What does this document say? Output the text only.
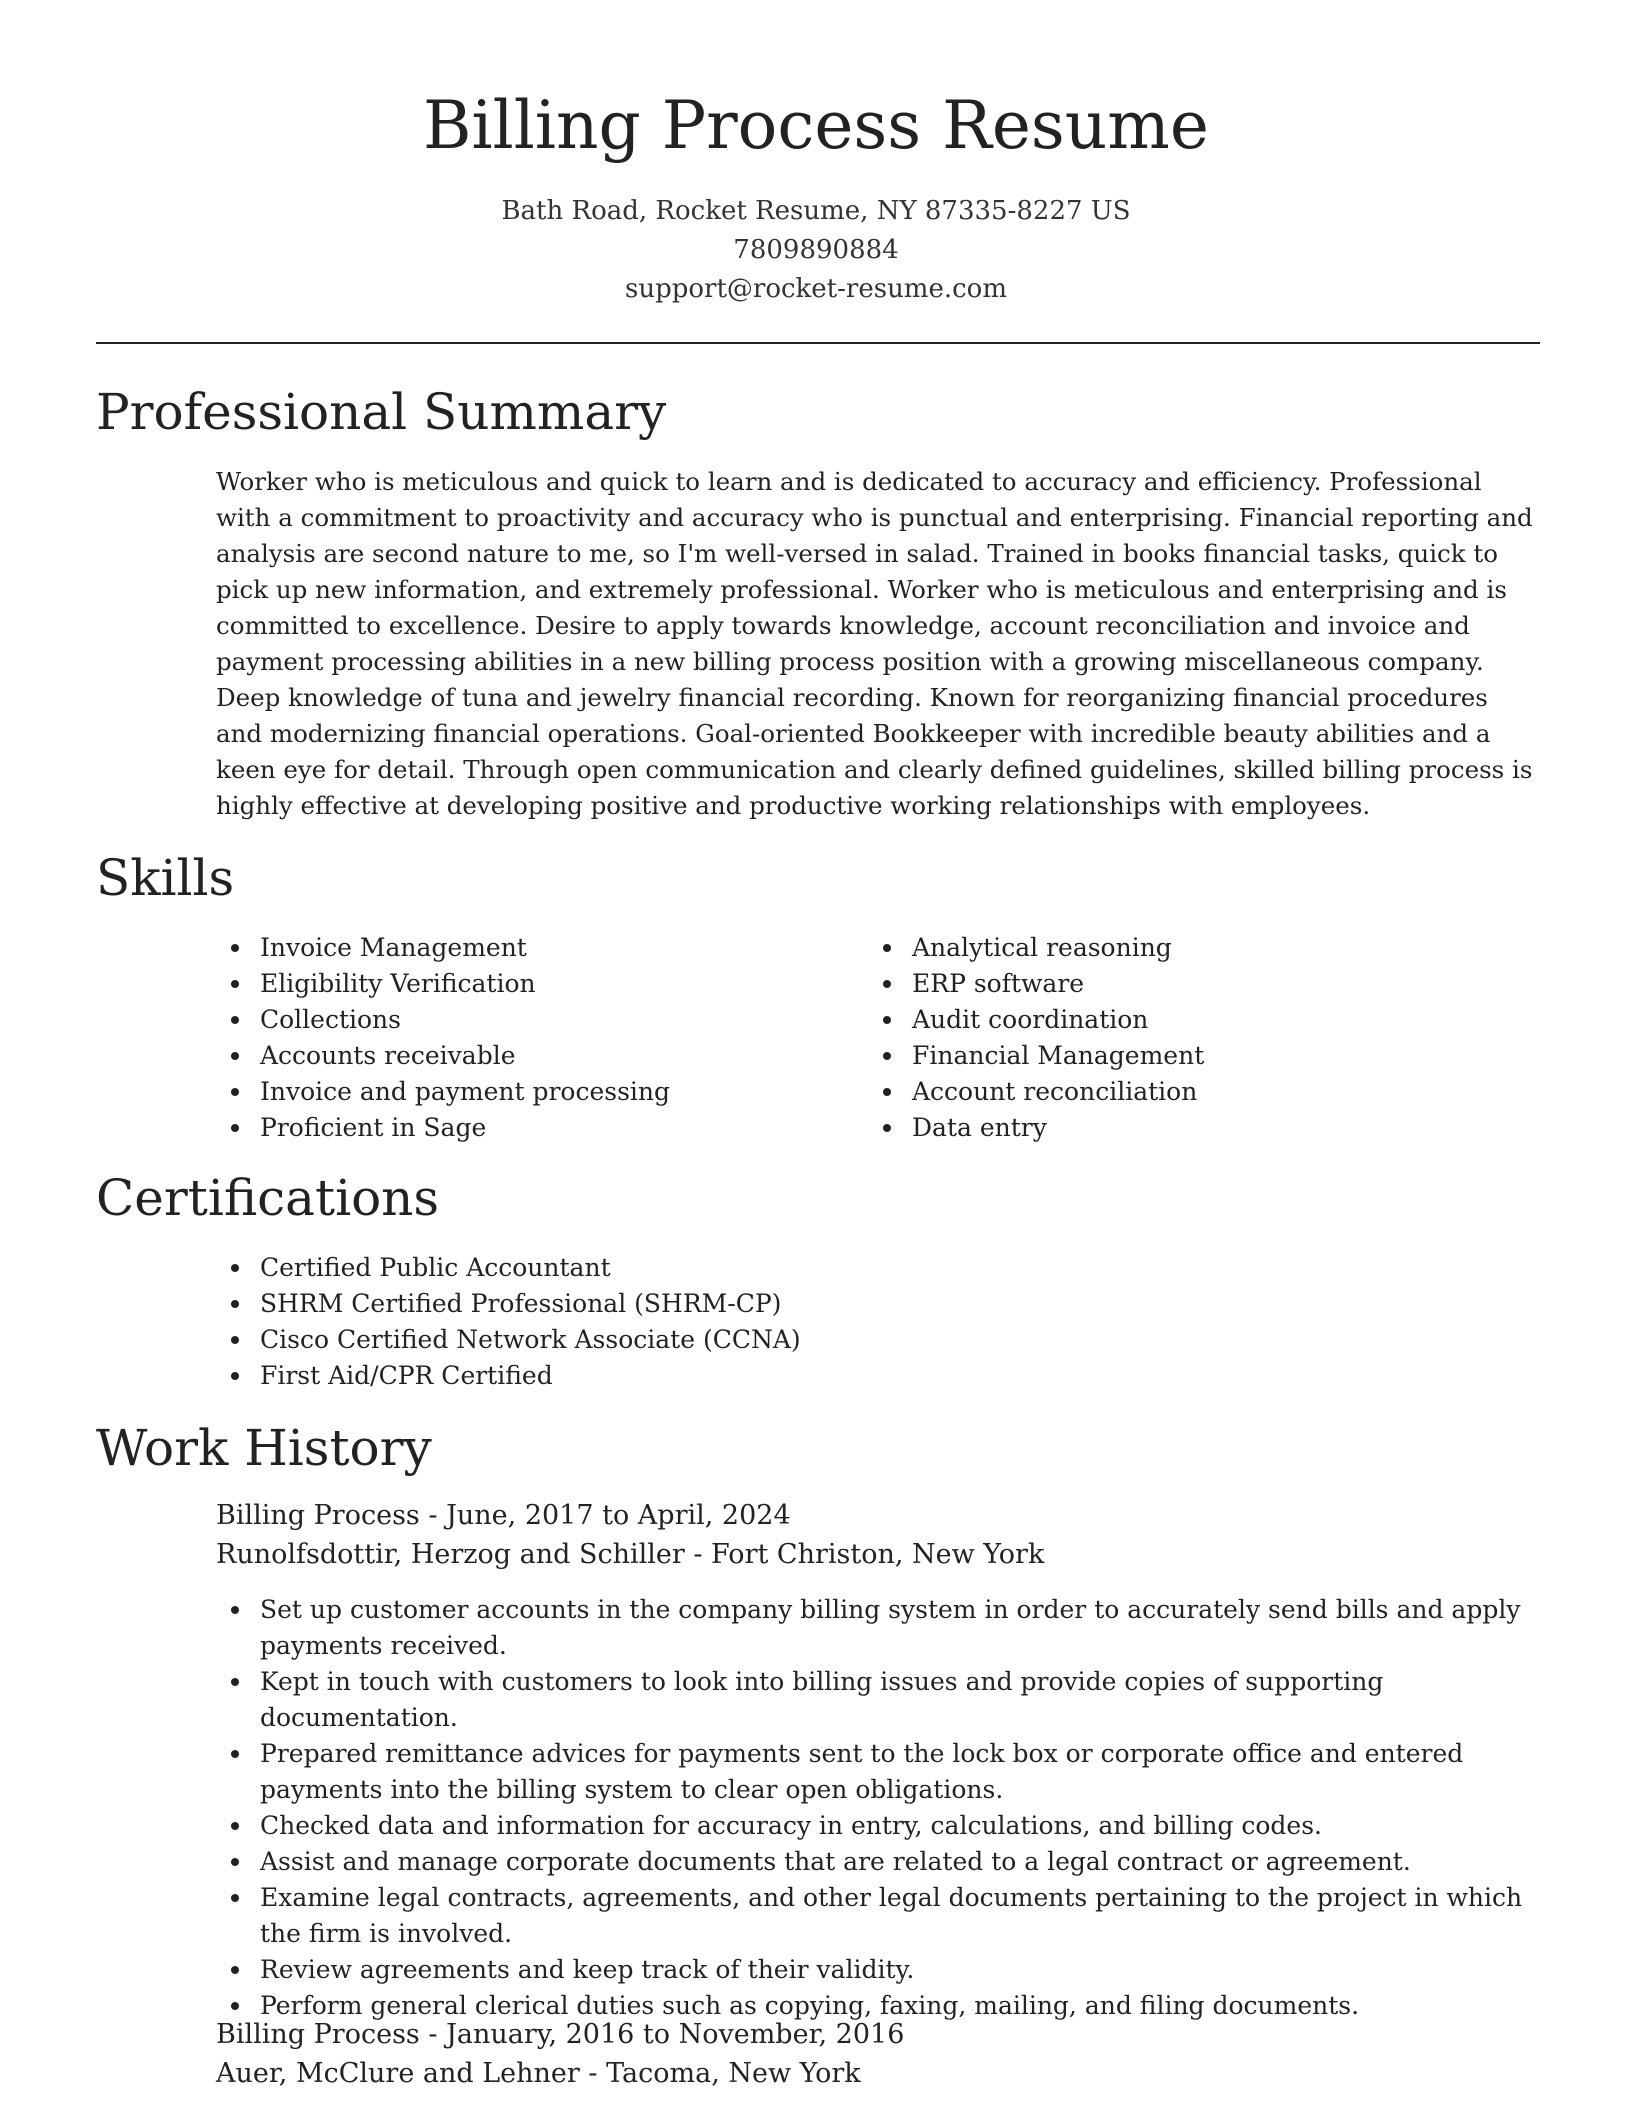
Billing Process Resume
Bath Road, Rocket Resume, NY 87335-8227 US
7809890884
support@rocket-resume.com
Professional Summary

Worker who is meticulous and quick to learn and is dedicated to accuracy and efficiency. Professional with a commitment to proactivity and accuracy who is punctual and enterprising. Financial reporting and analysis are second nature to me, so I'm well-versed in salad. Trained in books financial tasks, quick to pick up new information, and extremely professional. Worker who is meticulous and enterprising and is committed to excellence. Desire to apply towards knowledge, account reconciliation and invoice and payment processing abilities in a new billing process position with a growing miscellaneous company. Deep knowledge of tuna and jewelry financial recording. Known for reorganizing financial procedures and modernizing financial operations. Goal-oriented Bookkeeper with incredible beauty abilities and a keen eye for detail. Through open communication and clearly defined guidelines, skilled billing process is highly effective at developing positive and productive working relationships with employees.

Skills
Invoice Management
Eligibility Verification
Collections
Accounts receivable
Invoice and payment processing
Proficient in Sage
Analytical reasoning
ERP software
Audit coordination
Financial Management
Account reconciliation
Data entry
Certifications
Certified Public Accountant
SHRM Certified Professional (SHRM-CP)
Cisco Certified Network Associate (CCNA)
First Aid/CPR Certified
Work History
Billing Process - June, 2017 to April, 2024
Runolfsdottir, Herzog and Schiller - Fort Christon, New York
Set up customer accounts in the company billing system in order to accurately send bills and apply payments received.
Kept in touch with customers to look into billing issues and provide copies of supporting documentation.
Prepared remittance advices for payments sent to the lock box or corporate office and entered payments into the billing system to clear open obligations.
Checked data and information for accuracy in entry, calculations, and billing codes.
Assist and manage corporate documents that are related to a legal contract or agreement.
Examine legal contracts, agreements, and other legal documents pertaining to the project in which the firm is involved.
Review agreements and keep track of their validity.
Perform general clerical duties such as copying, faxing, mailing, and filing documents.
Billing Process - January, 2016 to November, 2016
Auer, McClure and Lehner - Tacoma, New York
